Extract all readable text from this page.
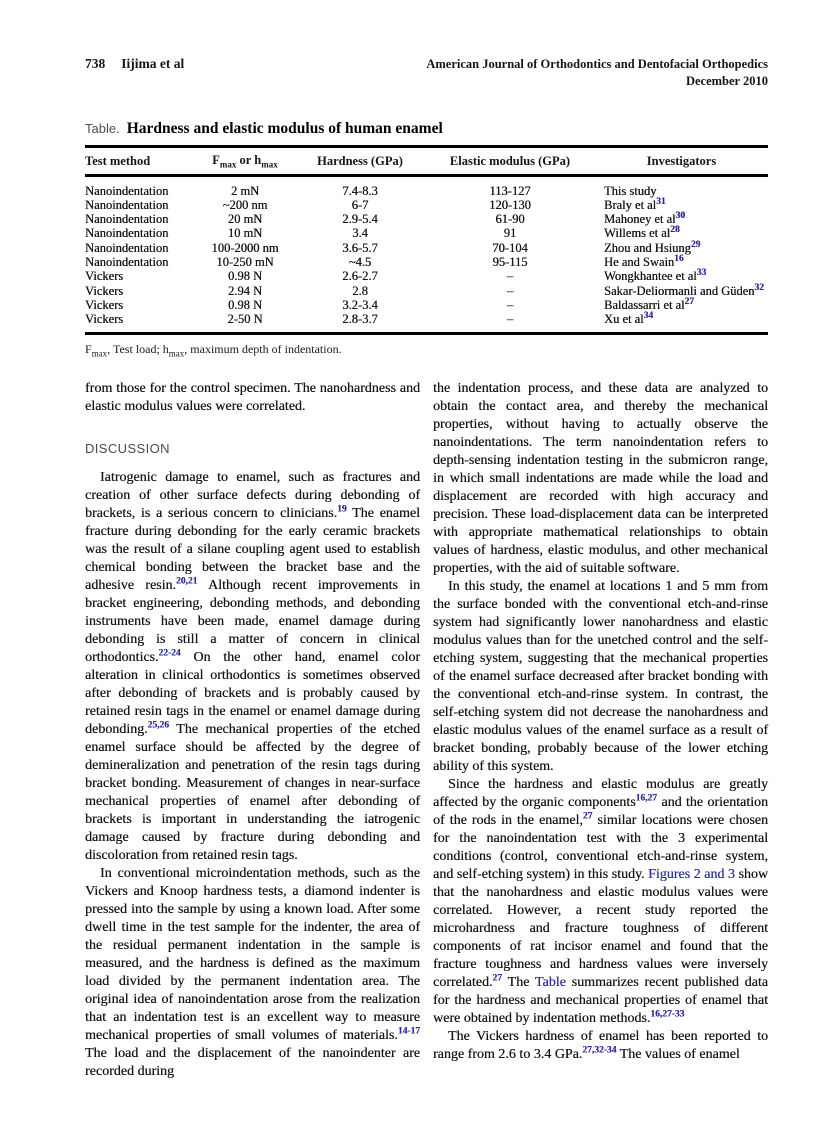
738 Iijima et al	American Journal of Orthodontics and Dentofacial Orthopedics
December 2010
Table. Hardness and elastic modulus of human enamel
Test method	$F_{max}$ or $h_{max}$	Hardness (GPa)	Elastic modulus (GPa)	Investigators
Nanoindentation	2 mN	7.4-8.3	113-127	This study
Nanoindentation	~200 nm	6-7	120-130	Braly et al$^{31}$
Nanoindentation	20 mN	2.9-5.4	61-90	Mahoney et al$^{30}$
Nanoindentation	10 mN	3.4	91	Willems et al$^{28}$
Nanoindentation	100-2000 nm	3.6-5.7	70-104	Zhou and Hsiung$^{29}$
Nanoindentation	10-250 mN	~4.5	95-115	He and Swain$^{16}$
Vickers	0.98 N	2.6-2.7	–	Wongkhantee et al$^{33}$
Vickers	2.94 N	2.8	–	Sakar-Deliormanli and Güden$^{32}$
Vickers	0.98 N	3.2-3.4	–	Baldassarri et al$^{27}$
Vickers	2-50 N	2.8-3.7	–	Xu et al$^{34}$
$F_{max}$, Test load; $h_{max}$, maximum depth of indentation.

from those for the control specimen. The nanohardness and elastic modulus values were correlated.

DISCUSSION

Iatrogenic damage to enamel, such as fractures and creation of other surface defects during debonding of brackets, is a serious concern to clinicians.$^{19}$ The enamel fracture during debonding for the early ceramic brackets was the result of a silane coupling agent used to establish chemical bonding between the bracket base and the adhesive resin.$^{20,21}$ Although recent improvements in bracket engineering, debonding methods, and debonding instruments have been made, enamel damage during debonding is still a matter of concern in clinical orthodontics.$^{22-24}$ On the other hand, enamel color alteration in clinical orthodontics is sometimes observed after debonding of brackets and is probably caused by retained resin tags in the enamel or enamel damage during debonding.$^{25,26}$ The mechanical properties of the etched enamel surface should be affected by the degree of demineralization and penetration of the resin tags during bracket bonding. Measurement of changes in near-surface mechanical properties of enamel after debonding of brackets is important in understanding the iatrogenic damage caused by fracture during debonding and discoloration from retained resin tags.

In conventional microindentation methods, such as the Vickers and Knoop hardness tests, a diamond indenter is pressed into the sample by using a known load. After some dwell time in the test sample for the indenter, the area of the residual permanent indentation in the sample is measured, and the hardness is defined as the maximum load divided by the permanent indentation area. The original idea of nanoindentation arose from the realization that an indentation test is an excellent way to measure mechanical properties of small volumes of materials.$^{14-17}$ The load and the displacement of the nanoindenter are recorded during

the indentation process, and these data are analyzed to obtain the contact area, and thereby the mechanical properties, without having to actually observe the nanoindentations. The term nanoindentation refers to depth-sensing indentation testing in the submicron range, in which small indentations are made while the load and displacement are recorded with high accuracy and precision. These load-displacement data can be interpreted with appropriate mathematical relationships to obtain values of hardness, elastic modulus, and other mechanical properties, with the aid of suitable software.

In this study, the enamel at locations 1 and 5 mm from the surface bonded with the conventional etch-and-rinse system had significantly lower nanohardness and elastic modulus values than for the unetched control and the self-etching system, suggesting that the mechanical properties of the enamel surface decreased after bracket bonding with the conventional etch-and-rinse system. In contrast, the self-etching system did not decrease the nanohardness and elastic modulus values of the enamel surface as a result of bracket bonding, probably because of the lower etching ability of this system.

Since the hardness and elastic modulus are greatly affected by the organic components$^{16,27}$ and the orientation of the rods in the enamel,$^{27}$ similar locations were chosen for the nanoindentation test with the 3 experimental conditions (control, conventional etch-and-rinse system, and self-etching system) in this study. Figures 2 and 3 show that the nanohardness and elastic modulus values were correlated. However, a recent study reported the microhardness and fracture toughness of different components of rat incisor enamel and found that the fracture toughness and hardness values were inversely correlated.$^{27}$ The Table summarizes recent published data for the hardness and mechanical properties of enamel that were obtained by indentation methods.$^{16,27-33}$

The Vickers hardness of enamel has been reported to range from 2.6 to 3.4 GPa.$^{27,32-34}$ The values of enamel
